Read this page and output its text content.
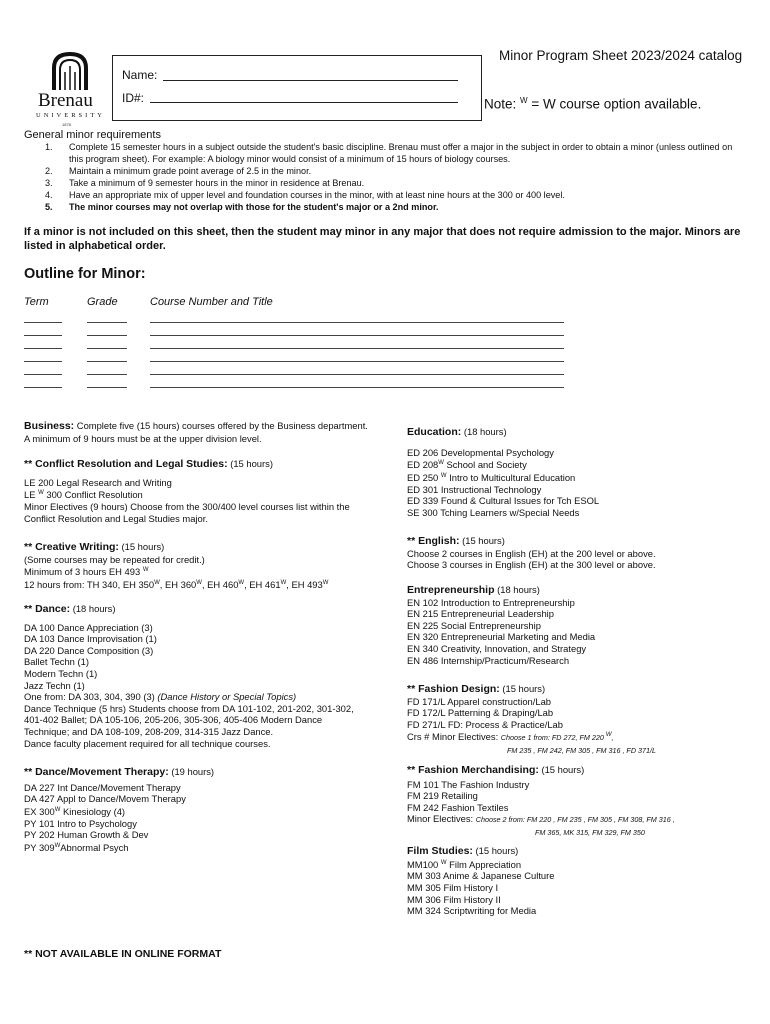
Brenau
UNIVERSITY
1878
Name:
ID#:
Minor Program Sheet 2023/2024 catalog
Note: $^W$ = W course option available.
General minor requirements
1. Complete 15 semester hours in a subject outside the student's basic discipline. Brenau must offer a major in the subject in order to obtain a minor (unless outlined on this program sheet). For example: A biology minor would consist of a minimum of 15 hours of biology courses.
2. Maintain a minimum grade point average of 2.5 in the minor.
3. Take a minimum of 9 semester hours in the minor in residence at Brenau.
4. Have an appropriate mix of upper level and foundation courses in the minor, with at least nine hours at the 300 or 400 level.
5. The minor courses may not overlap with those for the student's major or a 2nd minor.
If a minor is not included on this sheet, then the student may minor in any major that does not require admission to the major. Minors are listed in alphabetical order.
Outline for Minor:
Term	Grade	Course Number and Title
Business: Complete five (15 hours) courses offered by the Business department. A minimum of 9 hours must be at the upper division level.
** Conflict Resolution and Legal Studies: (15 hours)
LE 200 Legal Research and Writing
LE $^W$ 300 Conflict Resolution
Minor Electives (9 hours) Choose from the 300/400 level courses list within the Conflict Resolution and Legal Studies major.
** Creative Writing: (15 hours)
(Some courses may be repeated for credit.)
Minimum of 3 hours EH 493 $^W$
12 hours from: TH 340, EH $350^W$, EH $360^W$, EH $460^W$, EH $461^W$, EH $493^W$
** Dance: (18 hours)
DA 100 Dance Appreciation (3)
DA 103 Dance Improvisation (1)
DA 220 Dance Composition (3)
Ballet Techn (1)
Modern Techn (1)
Jazz Techn (1)
One from: DA 303, 304, 390 (3) (Dance History or Special Topics)
Dance Technique (5 hrs) Students choose from DA 101-102, 201-202, 301-302, 401-402 Ballet; DA 105-106, 205-206, 305-306, 405-406 Modern Dance Technique; and DA 108-109, 208-209, 314-315 Jazz Dance.
Dance faculty placement required for all technique courses.
** Dance/Movement Therapy: (19 hours)
DA 227 Int Dance/Movement Therapy
DA 427 Appl to Dance/Movem Therapy
EX $300^W$ Kinesiology (4)
PY 101 Intro to Psychology
PY 202 Human Growth & Dev
PY $309^WAbnormal$ Psych
Education: (18 hours)
ED 206 Developmental Psychology
ED $208^W$ School and Society
ED 250 $^W$ Intro to Multicultural Education
ED 301 Instructional Technology
ED 339 Found & Cultural Issues for Tch ESOL
SE 300 Tching Learners w/Special Needs
** English: (15 hours)
Choose 2 courses in English (EH) at the 200 level or above.
Choose 3 courses in English (EH) at the 300 level or above.
Entrepreneurship (18 hours)
EN 102 Introduction to Entrepreneurship
EN 215 Entrepreneurial Leadership
EN 225 Social Entrepreneurship
EN 320 Entrepreneurial Marketing and Media
EN 340 Creativity, Innovation, and Strategy
EN 486 Internship/Practicum/Research
** Fashion Design: (15 hours)
FD 171/L Apparel construction/Lab
FD 172/L Patterning & Draping/Lab
FD 271/L FD: Process & Practice/Lab
Crs # Minor Electives: Choose 1 from: FD 272, FM 220 $^W$,
FM 235 , FM 242, FM 305 , FM 316 , FD 371/L
** Fashion Merchandising: (15 hours)
FM 101 The Fashion Industry
FM 219 Retailing
FM 242 Fashion Textiles
Minor Electives: Choose 2 from: FM 220 , FM 235 , FM 305 , FM 308, FM 316 ,
FM 365, MK 315, FM 329, FM 350
Film Studies: (15 hours)
MM100 $^W$ Film Appreciation
MM 303 Anime & Japanese Culture
MM 305 Film History I
MM 306 Film History II
MM 324 Scriptwriting for Media
** NOT AVAILABLE IN ONLINE FORMAT
